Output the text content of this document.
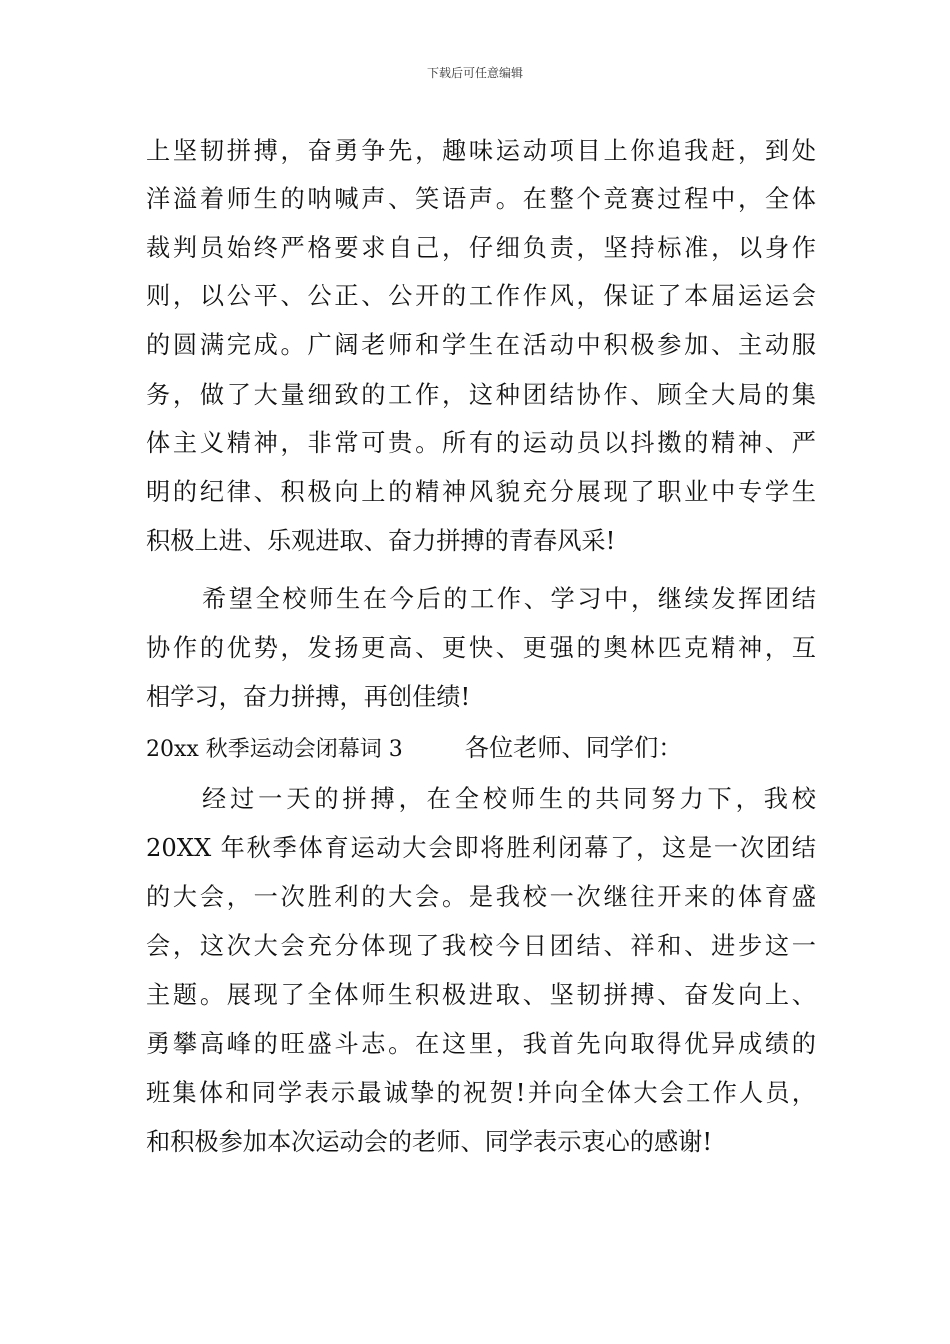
下载后可任意编辑
上坚韧拼搏，奋勇争先，趣味运动项目上你追我赶，到处
洋溢着师生的呐喊声、笑语声。在整个竞赛过程中，全体
裁判员始终严格要求自己，仔细负责，坚持标准，以身作
则，以公平、公正、公开的工作作风，保证了本届运运会
的圆满完成。广阔老师和学生在活动中积极参加、主动服
务，做了大量细致的工作，这种团结协作、顾全大局的集
体主义精神，非常可贵。所有的运动员以抖擞的精神、严
明的纪律、积极向上的精神风貌充分展现了职业中专学生
积极上进、乐观进取、奋力拼搏的青春风采!
希望全校师生在今后的工作、学习中，继续发挥团结
协作的优势，发扬更高、更快、更强的奥林匹克精神，互
相学习，奋力拼搏，再创佳绩!
20xx 秋季运动会闭幕词 3	各位老师、同学们：
经过一天的拼搏，在全校师生的共同努力下，我校
20XX 年秋季体育运动大会即将胜利闭幕了，这是一次团结
的大会，一次胜利的大会。是我校一次继往开来的体育盛
会，这次大会充分体现了我校今日团结、祥和、进步这一
主题。展现了全体师生积极进取、坚韧拼搏、奋发向上、
勇攀高峰的旺盛斗志。在这里，我首先向取得优异成绩的
班集体和同学表示最诚挚的祝贺!并向全体大会工作人员，
和积极参加本次运动会的老师、同学表示衷心的感谢!
